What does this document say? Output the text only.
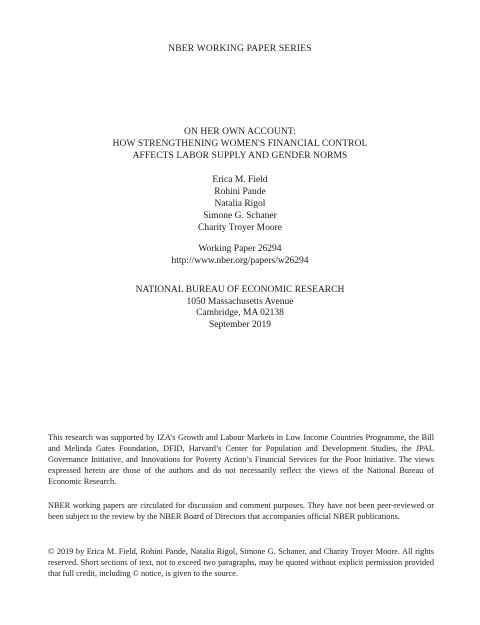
NBER WORKING PAPER SERIES
ON HER OWN ACCOUNT:
HOW STRENGTHENING WOMEN'S FINANCIAL CONTROL
AFFECTS LABOR SUPPLY AND GENDER NORMS
Erica M. Field
Rohini Pande
Natalia Rigol
Simone G. Schaner
Charity Troyer Moore
Working Paper 26294
http://www.nber.org/papers/w26294
NATIONAL BUREAU OF ECONOMIC RESEARCH
1050 Massachusetts Avenue
Cambridge, MA 02138
September 2019

This research was supported by IZA’s Growth and Labour Markets in Low Income Countries Programme, the Bill and Melinda Gates Foundation, DFID, Harvard’s Center for Population and Development Studies, the JPAL Governance Initiative, and Innovations for Poverty Action’s Financial Services for the Poor Initiative. The views expressed herein are those of the authors and do not necessarily reflect the views of the National Bureau of Economic Research.

NBER working papers are circulated for discussion and comment purposes. They have not been peer-reviewed or been subject to the review by the NBER Board of Directors that accompanies official NBER publications.

© 2019 by Erica M. Field, Rohini Pande, Natalia Rigol, Simone G. Schaner, and Charity Troyer Moore. All rights reserved. Short sections of text, not to exceed two paragraphs, may be quoted without explicit permission provided that full credit, including © notice, is given to the source.
